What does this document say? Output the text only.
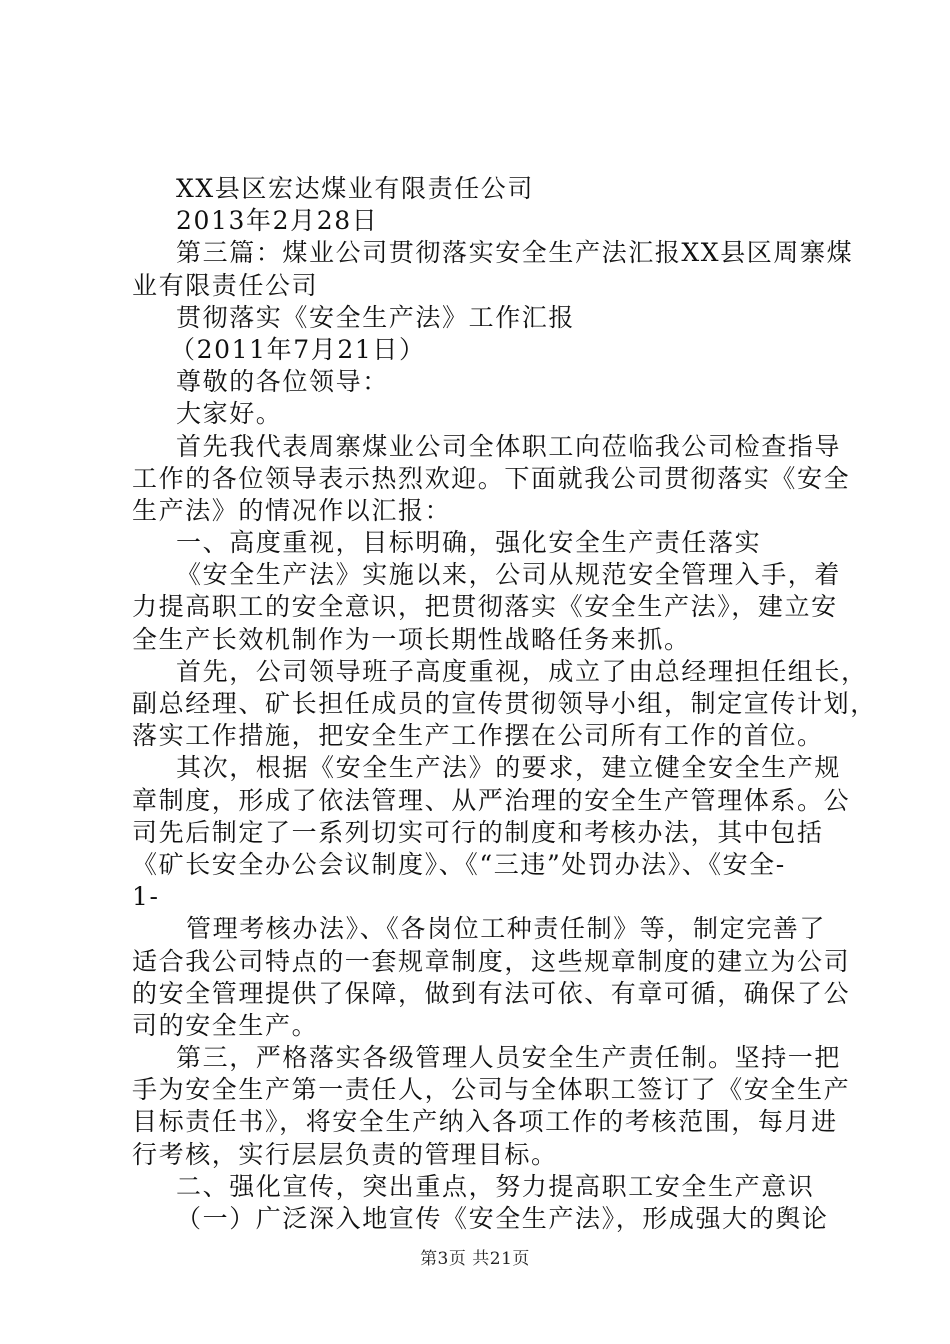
XX县区宏达煤业有限责任公司
2013年2月28日
第三篇：煤业公司贯彻落实安全生产法汇报XX县区周寨煤
业有限责任公司
贯彻落实《安全生产法》工作汇报
（2011年7月21日）
尊敬的各位领导：
大家好。
首先我代表周寨煤业公司全体职工向莅临我公司检查指导
工作的各位领导表示热烈欢迎。下面就我公司贯彻落实《安全
生产法》的情况作以汇报：
一、高度重视，目标明确，强化安全生产责任落实
《安全生产法》实施以来，公司从规范安全管理入手，着
力提高职工的安全意识，把贯彻落实《安全生产法》，建立安
全生产长效机制作为一项长期性战略任务来抓。
首先，公司领导班子高度重视，成立了由总经理担任组长，
副总经理、矿长担任成员的宣传贯彻领导小组，制定宣传计划，
落实工作措施，把安全生产工作摆在公司所有工作的首位。
其次，根据《安全生产法》的要求，建立健全安全生产规
章制度，形成了依法管理、从严治理的安全生产管理体系。公
司先后制定了一系列切实可行的制度和考核办法，其中包括
《矿长安全办公会议制度》、《“三违”处罚办法》、《安全-
1-
管理考核办法》、《各岗位工种责任制》等，制定完善了
适合我公司特点的一套规章制度，这些规章制度的建立为公司
的安全管理提供了保障，做到有法可依、有章可循，确保了公
司的安全生产。
第三，严格落实各级管理人员安全生产责任制。坚持一把
手为安全生产第一责任人，公司与全体职工签订了《安全生产
目标责任书》，将安全生产纳入各项工作的考核范围，每月进
行考核，实行层层负责的管理目标。
二、强化宣传，突出重点，努力提高职工安全生产意识
（一）广泛深入地宣传《安全生产法》，形成强大的舆论
第3页 共21页
